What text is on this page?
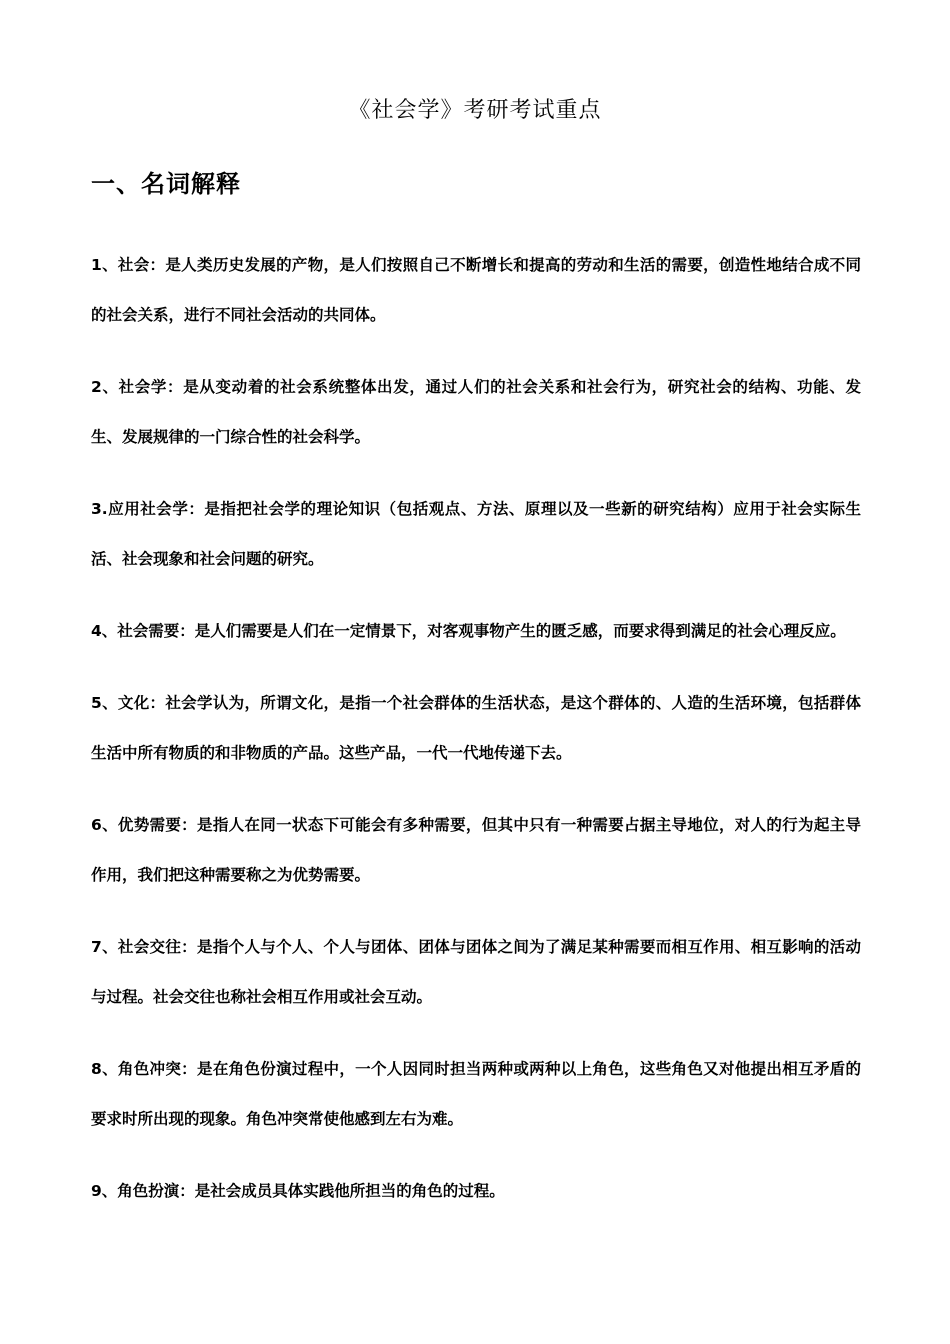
《社会学》考研考试重点
一、名词解释

1、社会：是人类历史发展的产物，是人们按照自己不断增长和提高的劳动和生活的需要，创造性地结合成不同的社会关系，进行不同社会活动的共同体。

2、社会学：是从变动着的社会系统整体出发，通过人们的社会关系和社会行为，研究社会的结构、功能、发生、发展规律的一门综合性的社会科学。

3.应用社会学：是指把社会学的理论知识（包括观点、方法、原理以及一些新的研究结构）应用于社会实际生活、社会现象和社会问题的研究。

4、社会需要：是人们需要是人们在一定情景下，对客观事物产生的匮乏感，而要求得到满足的社会心理反应。

5、文化：社会学认为，所谓文化，是指一个社会群体的生活状态，是这个群体的、人造的生活环境，包括群体生活中所有物质的和非物质的产品。这些产品，一代一代地传递下去。

6、优势需要：是指人在同一状态下可能会有多种需要，但其中只有一种需要占据主导地位，对人的行为起主导作用，我们把这种需要称之为优势需要。

7、社会交往：是指个人与个人、个人与团体、团体与团体之间为了满足某种需要而相互作用、相互影响的活动与过程。社会交往也称社会相互作用或社会互动。

8、角色冲突：是在角色份演过程中，一个人因同时担当两种或两种以上角色，这些角色又对他提出相互矛盾的要求时所出现的现象。角色冲突常使他感到左右为难。

9、角色扮演：是社会成员具体实践他所担当的角色的过程。
